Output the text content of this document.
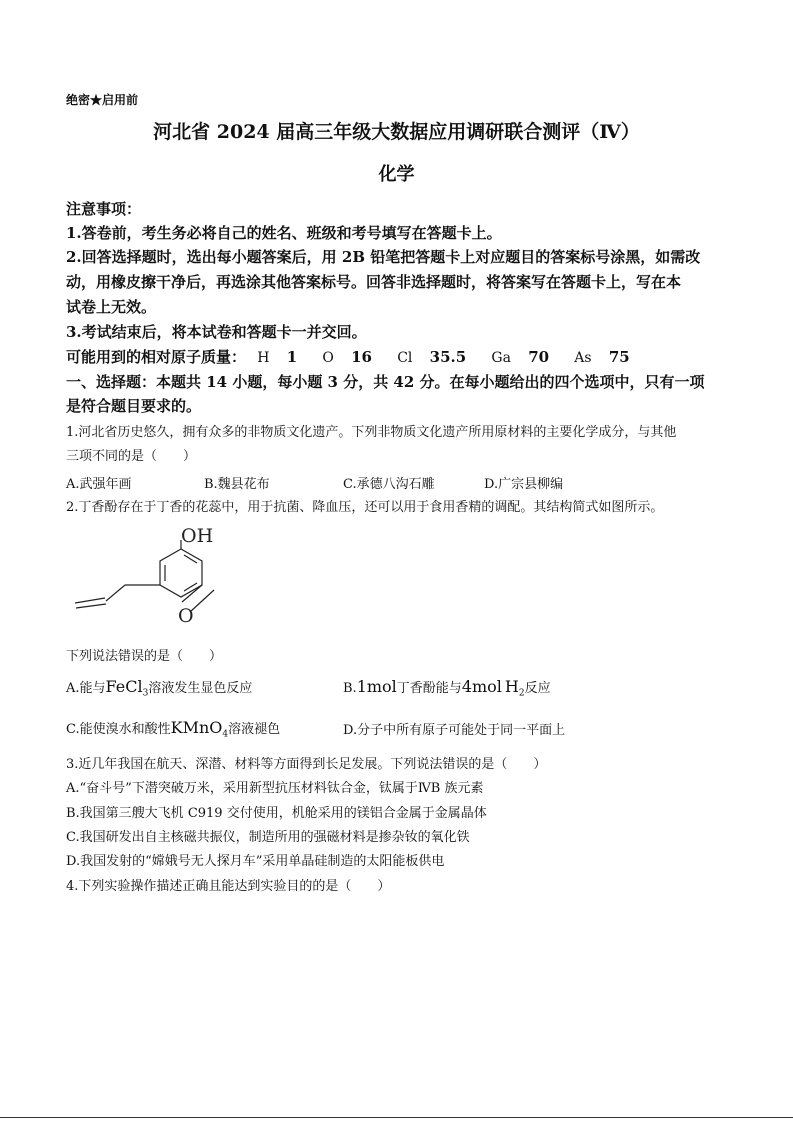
绝密★启用前
河北省 2024 届高三年级大数据应用调研联合测评（Ⅳ）
化学
注意事项：
1.答卷前，考生务必将自己的姓名、班级和考号填写在答题卡上。
2.回答选择题时，选出每小题答案后，用 2B 铅笔把答题卡上对应题目的答案标号涂黑，如需改
动，用橡皮擦干净后，再选涂其他答案标号。回答非选择题时，将答案写在答题卡上，写在本
试卷上无效。
3.考试结束后，将本试卷和答题卡一并交回。
可能用到的相对原子质量： H 1 O 16 Cl 35.5 Ga 70 As 75
一、选择题：本题共 14 小题，每小题 3 分，共 42 分。在每小题给出的四个选项中，只有一项
是符合题目要求的。
1.河北省历史悠久，拥有众多的非物质文化遗产。下列非物质文化遗产所用原材料的主要化学成分，与其他
三项不同的是（　　）
A.武强年画	B.魏县花布	C.承德八沟石雕	D.广宗县柳编
2.丁香酚存在于丁香的花蕊中，用于抗菌、降血压，还可以用于食用香精的调配。其结构简式如图所示。
OH
O
下列说法错误的是（　　）
A.能与FeCl$_3$溶液发生显色反应	B.1mol丁香酚能与4mol $H_2$反应
C.能使溴水和酸性KMnO$_4$溶液褪色	D.分子中所有原子可能处于同一平面上
3.近几年我国在航天、深潜、材料等方面得到长足发展。下列说法错误的是（　　）
A.“奋斗号”下潜突破万米，采用新型抗压材料钛合金，钛属于ⅣB 族元素
B.我国第三艘大飞机 C919 交付使用，机舱采用的镁铝合金属于金属晶体
C.我国研发出自主核磁共振仪，制造所用的强磁材料是掺杂钕的氧化铁
D.我国发射的“嫦娥号无人探月车”采用单晶硅制造的太阳能板供电
4.下列实验操作描述正确且能达到实验目的的是（　　）
